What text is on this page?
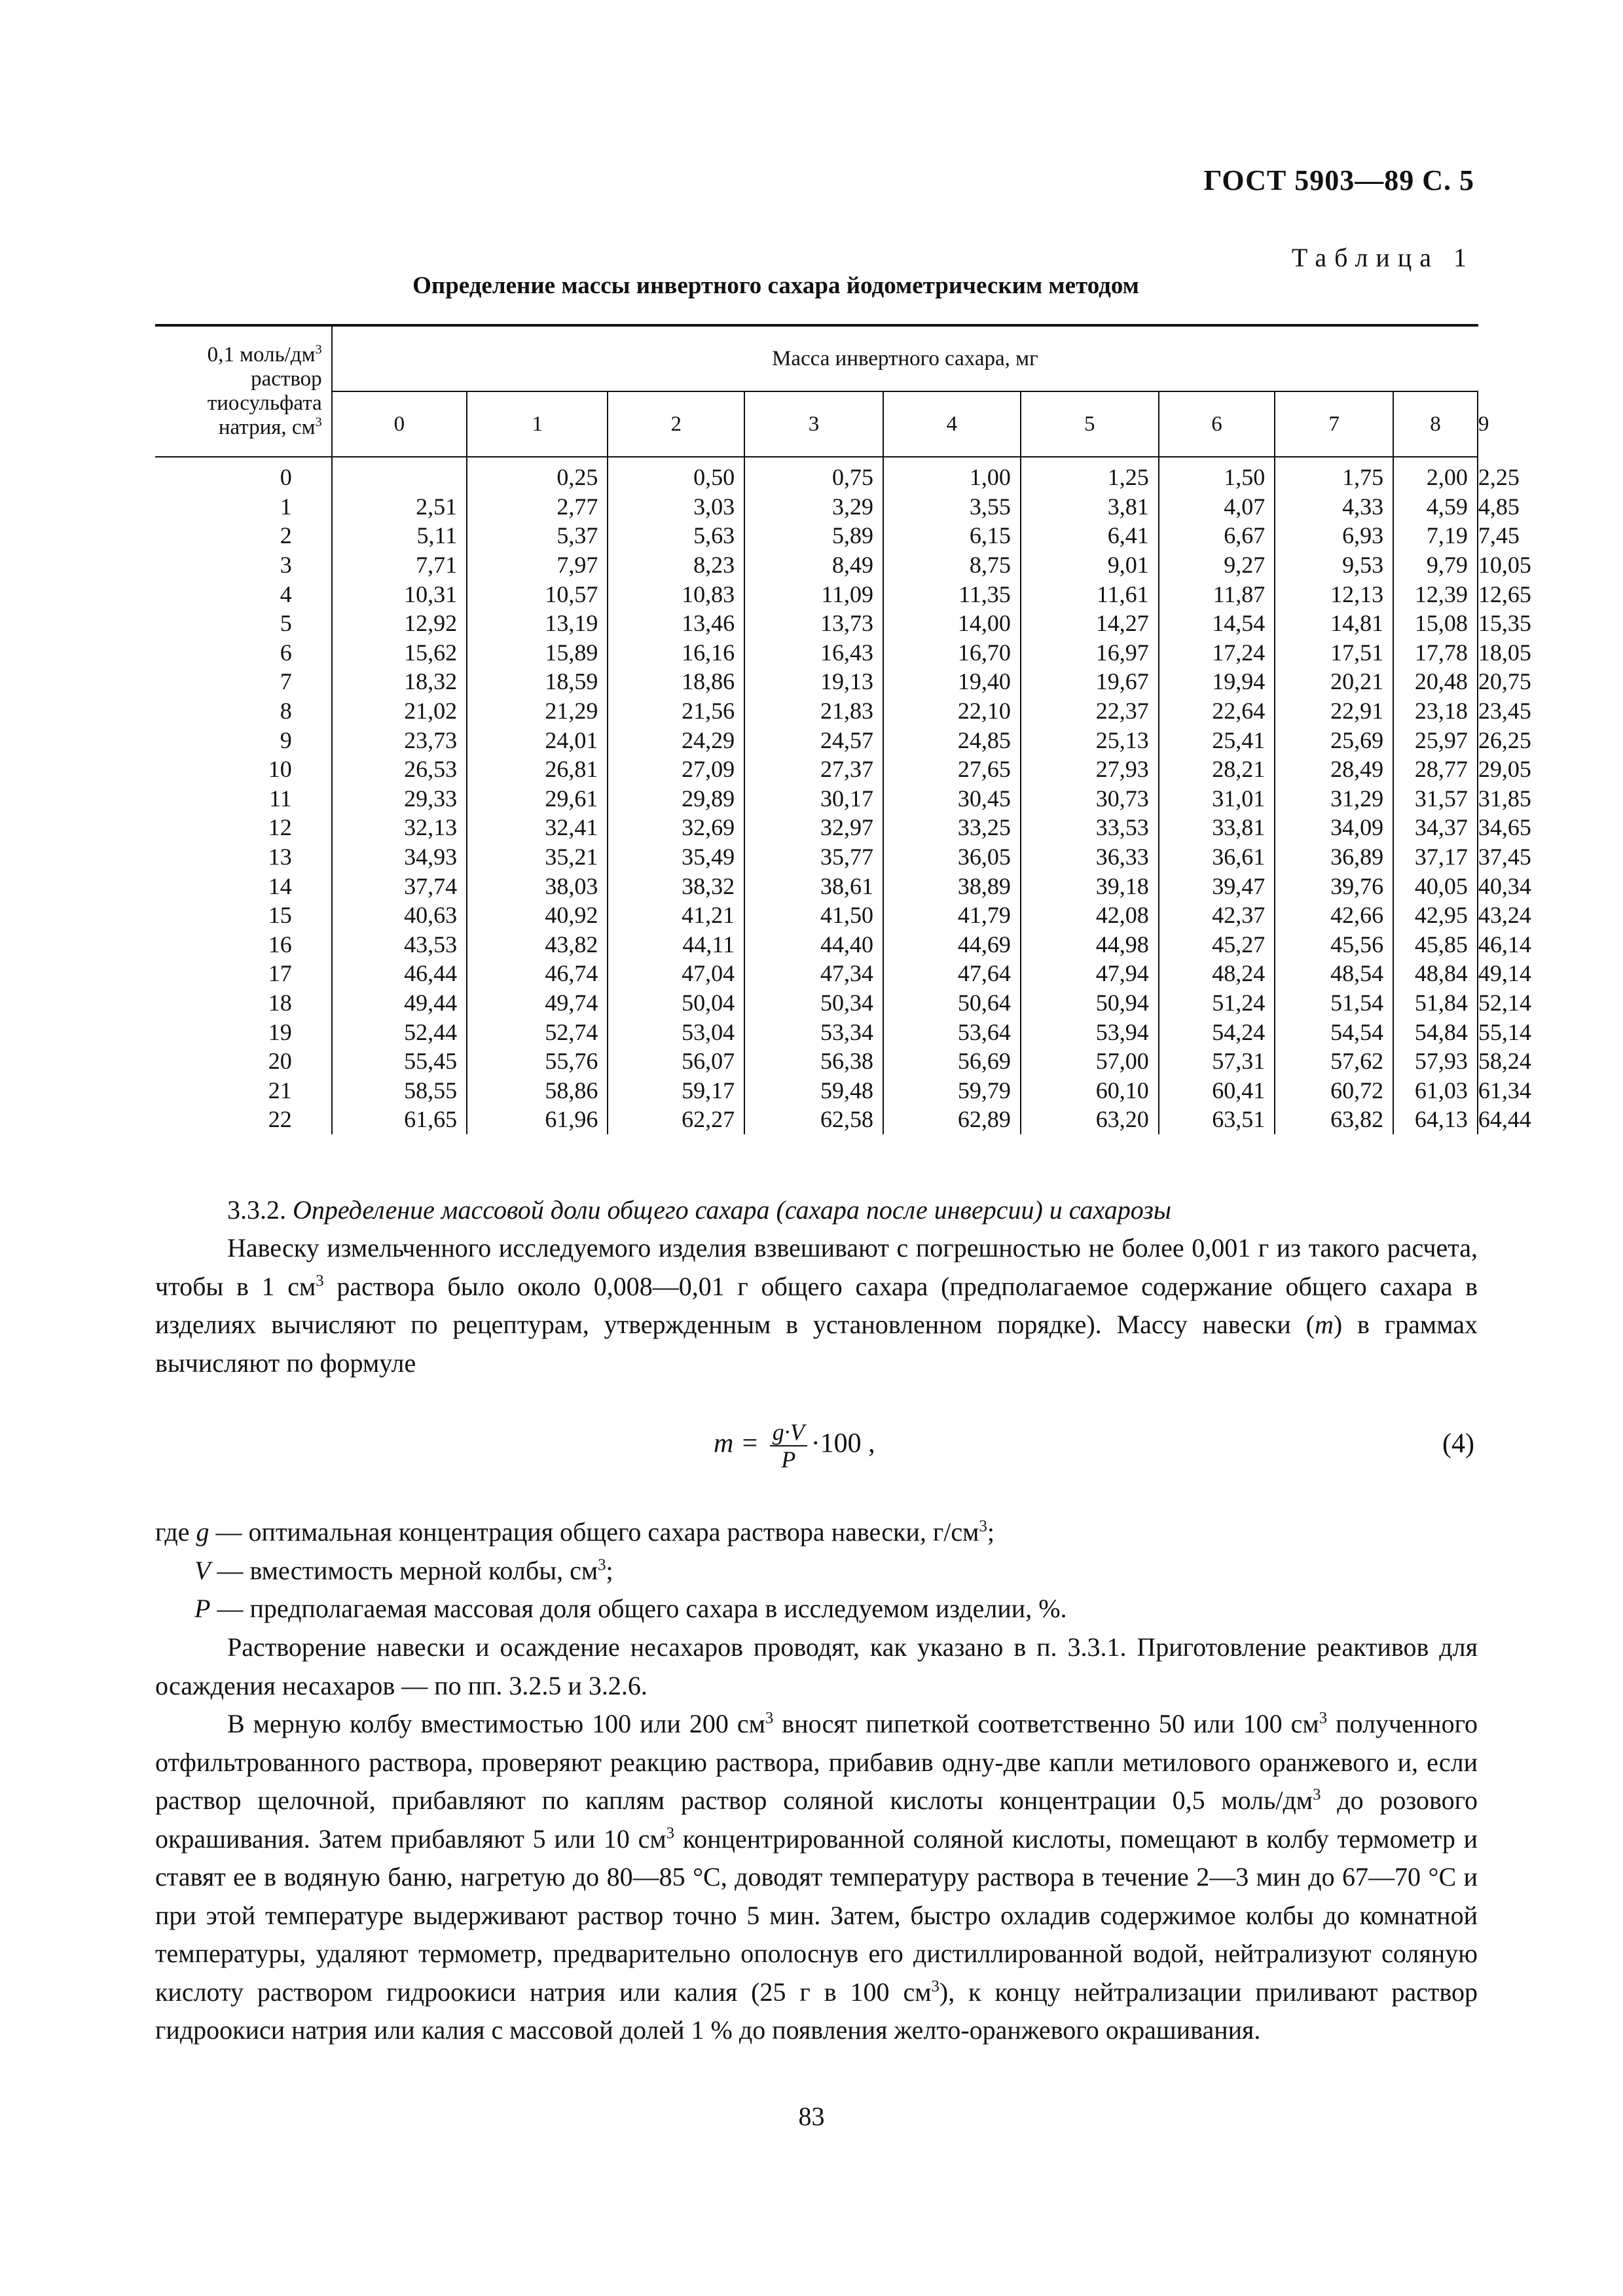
ГОСТ 5903—89 С. 5
Таблица 1
Определение массы инвертного сахара йодометрическим методом
0,1 моль/$дм^3$
раствор
тиосульфата
натрия, $см^3$	Масса инвертного сахара, мг									
	0	1	2	3	4	5	6	7	8	9
0		0,25	0,50	0,75	1,00	1,25	1,50	1,75	2,00	2,25
1	2,51	2,77	3,03	3,29	3,55	3,81	4,07	4,33	4,59	4,85
2	5,11	5,37	5,63	5,89	6,15	6,41	6,67	6,93	7,19	7,45
3	7,71	7,97	8,23	8,49	8,75	9,01	9,27	9,53	9,79	10,05
4	10,31	10,57	10,83	11,09	11,35	11,61	11,87	12,13	12,39	12,65
5	12,92	13,19	13,46	13,73	14,00	14,27	14,54	14,81	15,08	15,35
6	15,62	15,89	16,16	16,43	16,70	16,97	17,24	17,51	17,78	18,05
7	18,32	18,59	18,86	19,13	19,40	19,67	19,94	20,21	20,48	20,75
8	21,02	21,29	21,56	21,83	22,10	22,37	22,64	22,91	23,18	23,45
9	23,73	24,01	24,29	24,57	24,85	25,13	25,41	25,69	25,97	26,25
10	26,53	26,81	27,09	27,37	27,65	27,93	28,21	28,49	28,77	29,05
11	29,33	29,61	29,89	30,17	30,45	30,73	31,01	31,29	31,57	31,85
12	32,13	32,41	32,69	32,97	33,25	33,53	33,81	34,09	34,37	34,65
13	34,93	35,21	35,49	35,77	36,05	36,33	36,61	36,89	37,17	37,45
14	37,74	38,03	38,32	38,61	38,89	39,18	39,47	39,76	40,05	40,34
15	40,63	40,92	41,21	41,50	41,79	42,08	42,37	42,66	42,95	43,24
16	43,53	43,82	44,11	44,40	44,69	44,98	45,27	45,56	45,85	46,14
17	46,44	46,74	47,04	47,34	47,64	47,94	48,24	48,54	48,84	49,14
18	49,44	49,74	50,04	50,34	50,64	50,94	51,24	51,54	51,84	52,14
19	52,44	52,74	53,04	53,34	53,64	53,94	54,24	54,54	54,84	55,14
20	55,45	55,76	56,07	56,38	56,69	57,00	57,31	57,62	57,93	58,24
21	58,55	58,86	59,17	59,48	59,79	60,10	60,41	60,72	61,03	61,34
22	61,65	61,96	62,27	62,58	62,89	63,20	63,51	63,82	64,13	64,44
3.3.2. Определение массовой доли общего сахара (сахара после инверсии) и сахарозы
Навеску измельченного исследуемого изделия взвешивают с погрешностью не более 0,001 г из такого расчета, чтобы в 1 $см^3$ раствора было около 0,008—0,01 г общего сахара (предполагаемое содержание общего сахара в изделиях вычисляют по рецептурам, утвержденным в установленном порядке). Массу навески (m) в граммах вычисляют по формуле
$m = \frac{g\cdot V}{P} \cdot 100$ ,	(4)
где g — оптимальная концентрация общего сахара раствора навески, $г/см^3$;
V — вместимость мерной колбы, $см^3$;
P — предполагаемая массовая доля общего сахара в исследуемом изделии, %.
Растворение навески и осаждение несахаров проводят, как указано в п. 3.3.1. Приготовление реактивов для осаждения несахаров — по пп. 3.2.5 и 3.2.6.
В мерную колбу вместимостью 100 или 200 $см^3$ вносят пипеткой соответственно 50 или 100 $см^3$ полученного отфильтрованного раствора, проверяют реакцию раствора, прибавив одну-две капли метилового оранжевого и, если раствор щелочной, прибавляют по каплям раствор соляной кислоты концентрации 0,5 моль/$дм^3$ до розового окрашивания. Затем прибавляют 5 или 10 $см^3$ концентрированной соляной кислоты, помещают в колбу термометр и ставят ее в водяную баню, нагретую до 80—85 °С, доводят температуру раствора в течение 2—3 мин до 67—70 °С и при этой температуре выдерживают раствор точно 5 мин. Затем, быстро охладив содержимое колбы до комнатной температуры, удаляют термометр, предварительно ополоснув его дистиллированной водой, нейтрализуют соляную кислоту раствором гидроокиси натрия или калия (25 г в 100 $см^3$), к концу нейтрализации приливают раствор гидроокиси натрия или калия с массовой долей 1 % до появления желто-оранжевого окрашивания.
83
